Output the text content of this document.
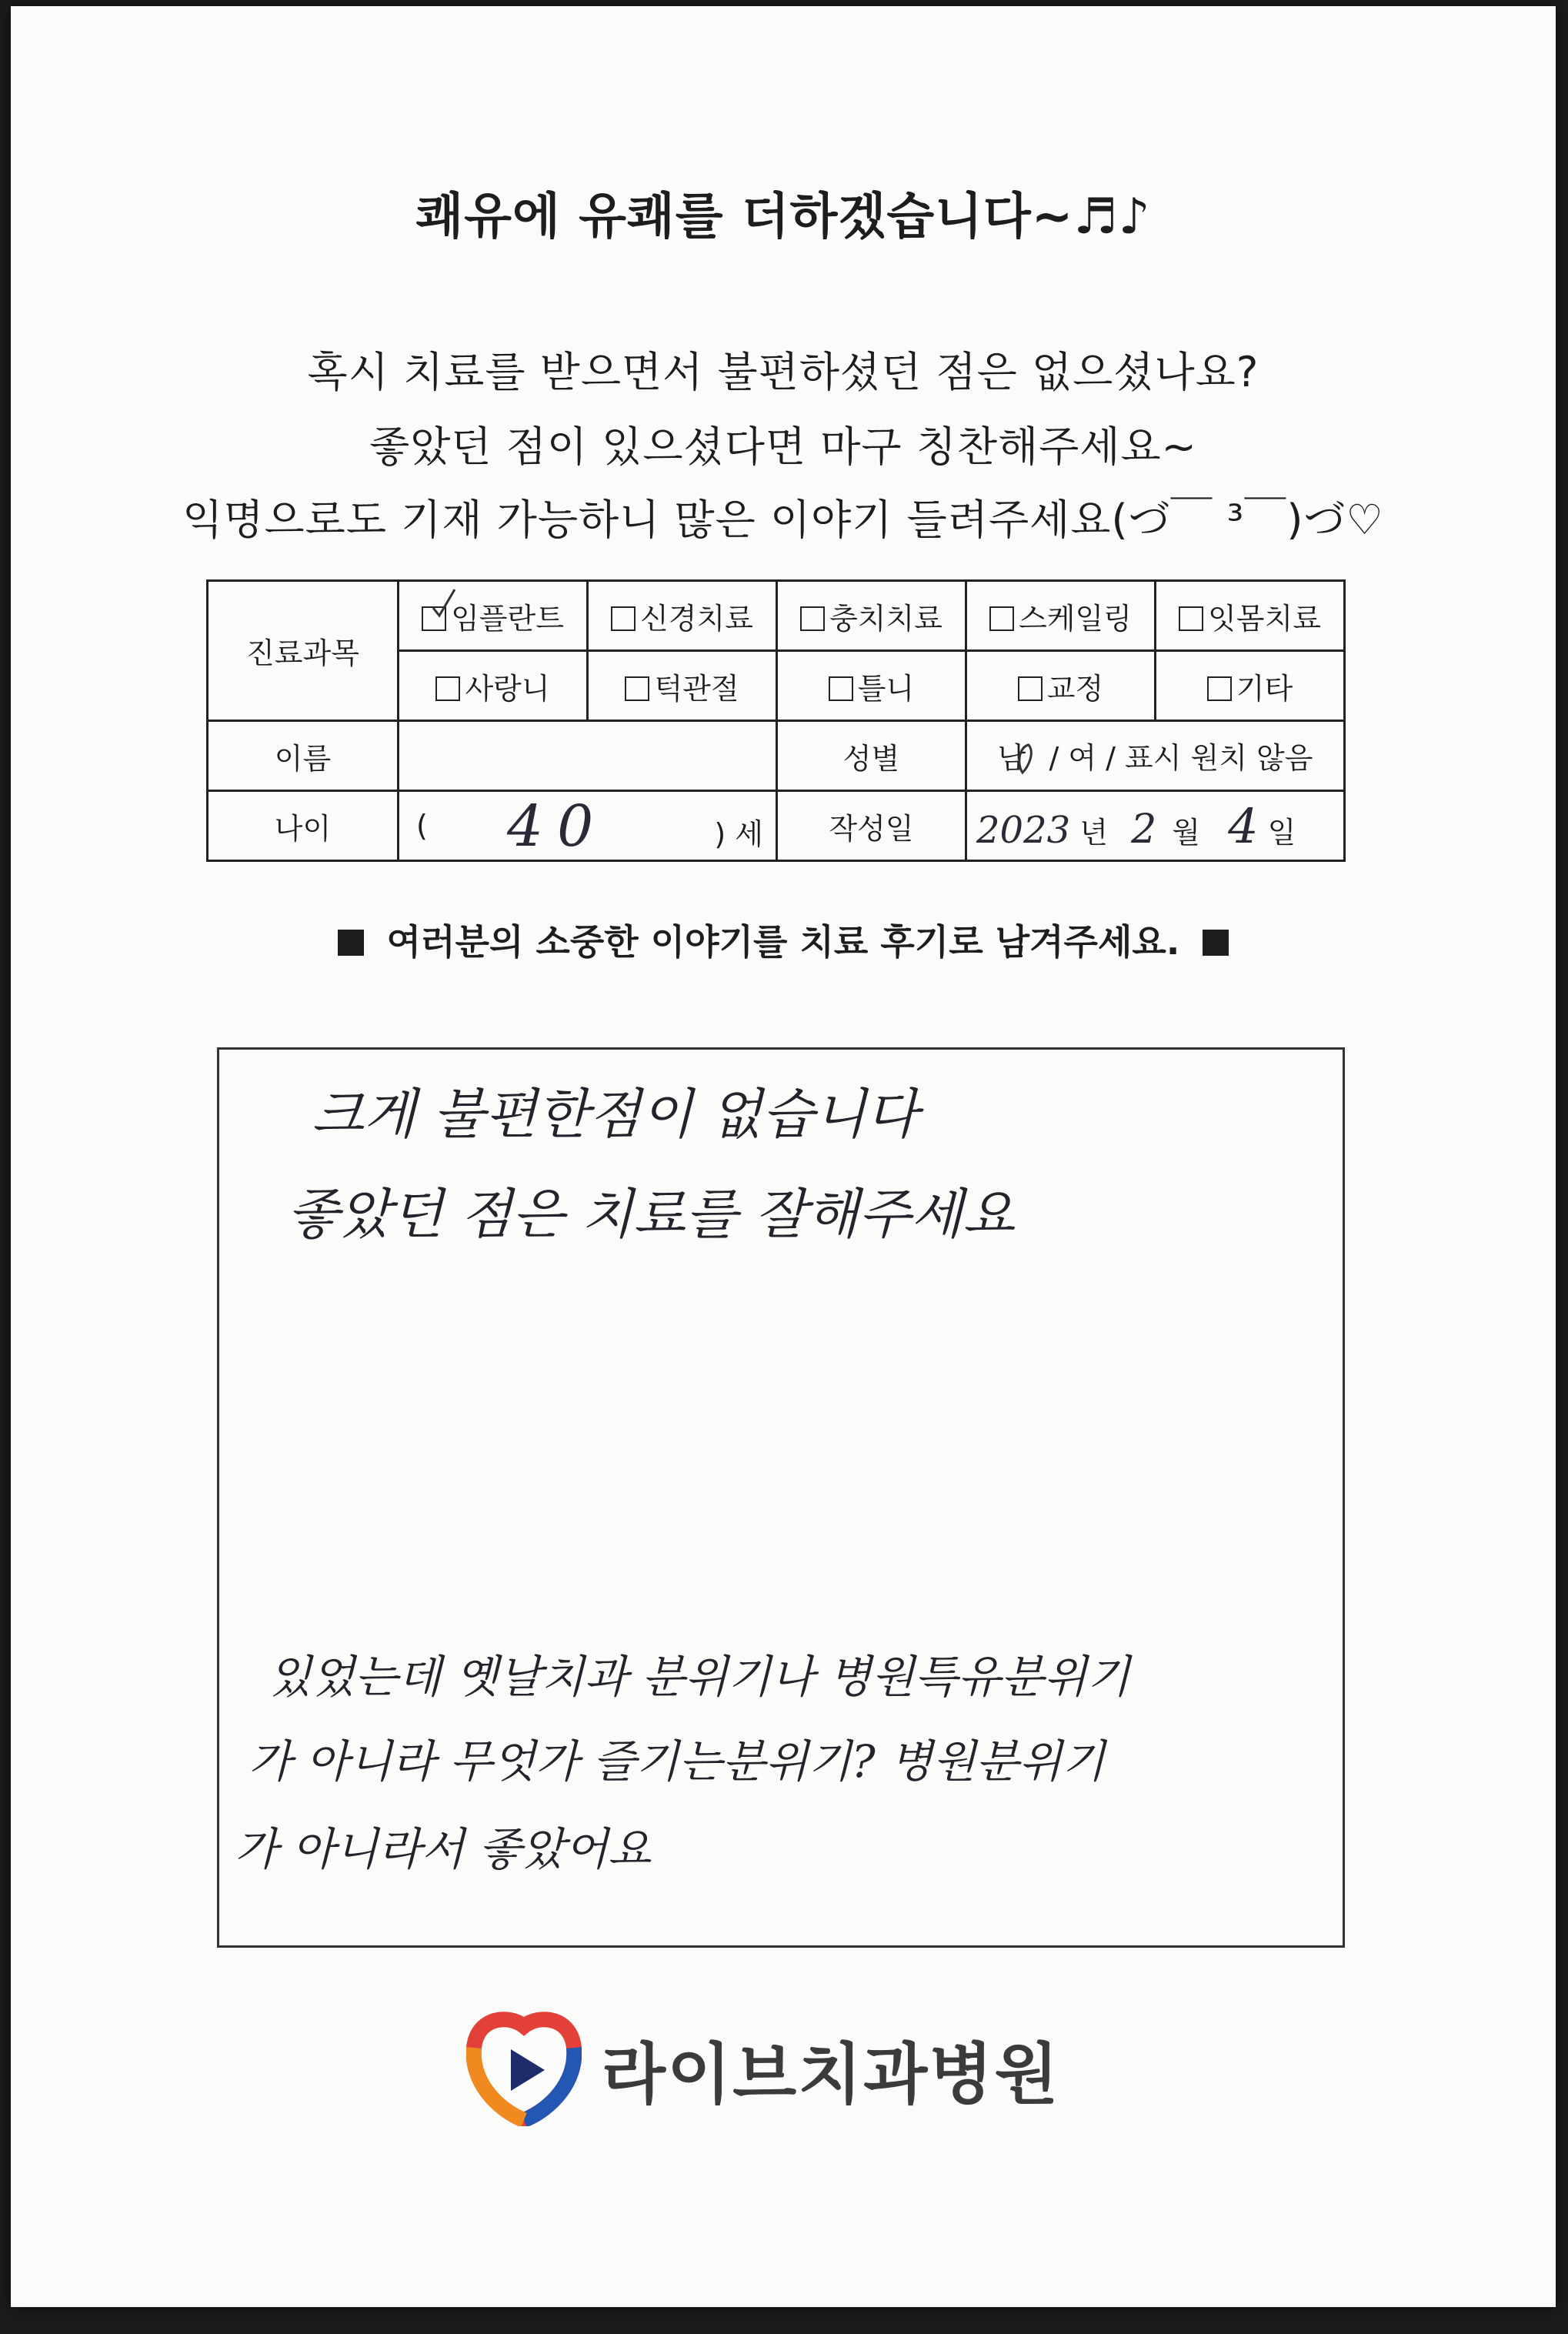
쾌유에 유쾌를 더하겠습니다~♬♪
혹시 치료를 받으면서 불편하셨던 점은 없으셨나요?
좋았던 점이 있으셨다면 마구 칭찬해주세요~
익명으로도 기재 가능하니 많은 이야기 들려주세요(づ￣ ³￣)づ♡
진료과목	임플란트	신경치료	충치치료	스케일링	잇몸치료
	사랑니	턱관절	틀니	교정	기타
이름			성별	남 / 여 / 표시 원치 않음	
나이	( 40 ) 세		작성일	2023 년 2 월 4 일	
여러분의 소중한 이야기를 치료 후기로 남겨주세요.
크게 불편한점이 없습니다
좋았던 점은 치료를 잘해주세요
있었는데 옛날치과 분위기나 병원특유분위기
가 아니라 무엇가 즐기는분위기? 병원분위기
가 아니라서 좋았어요
라이브치과병원
